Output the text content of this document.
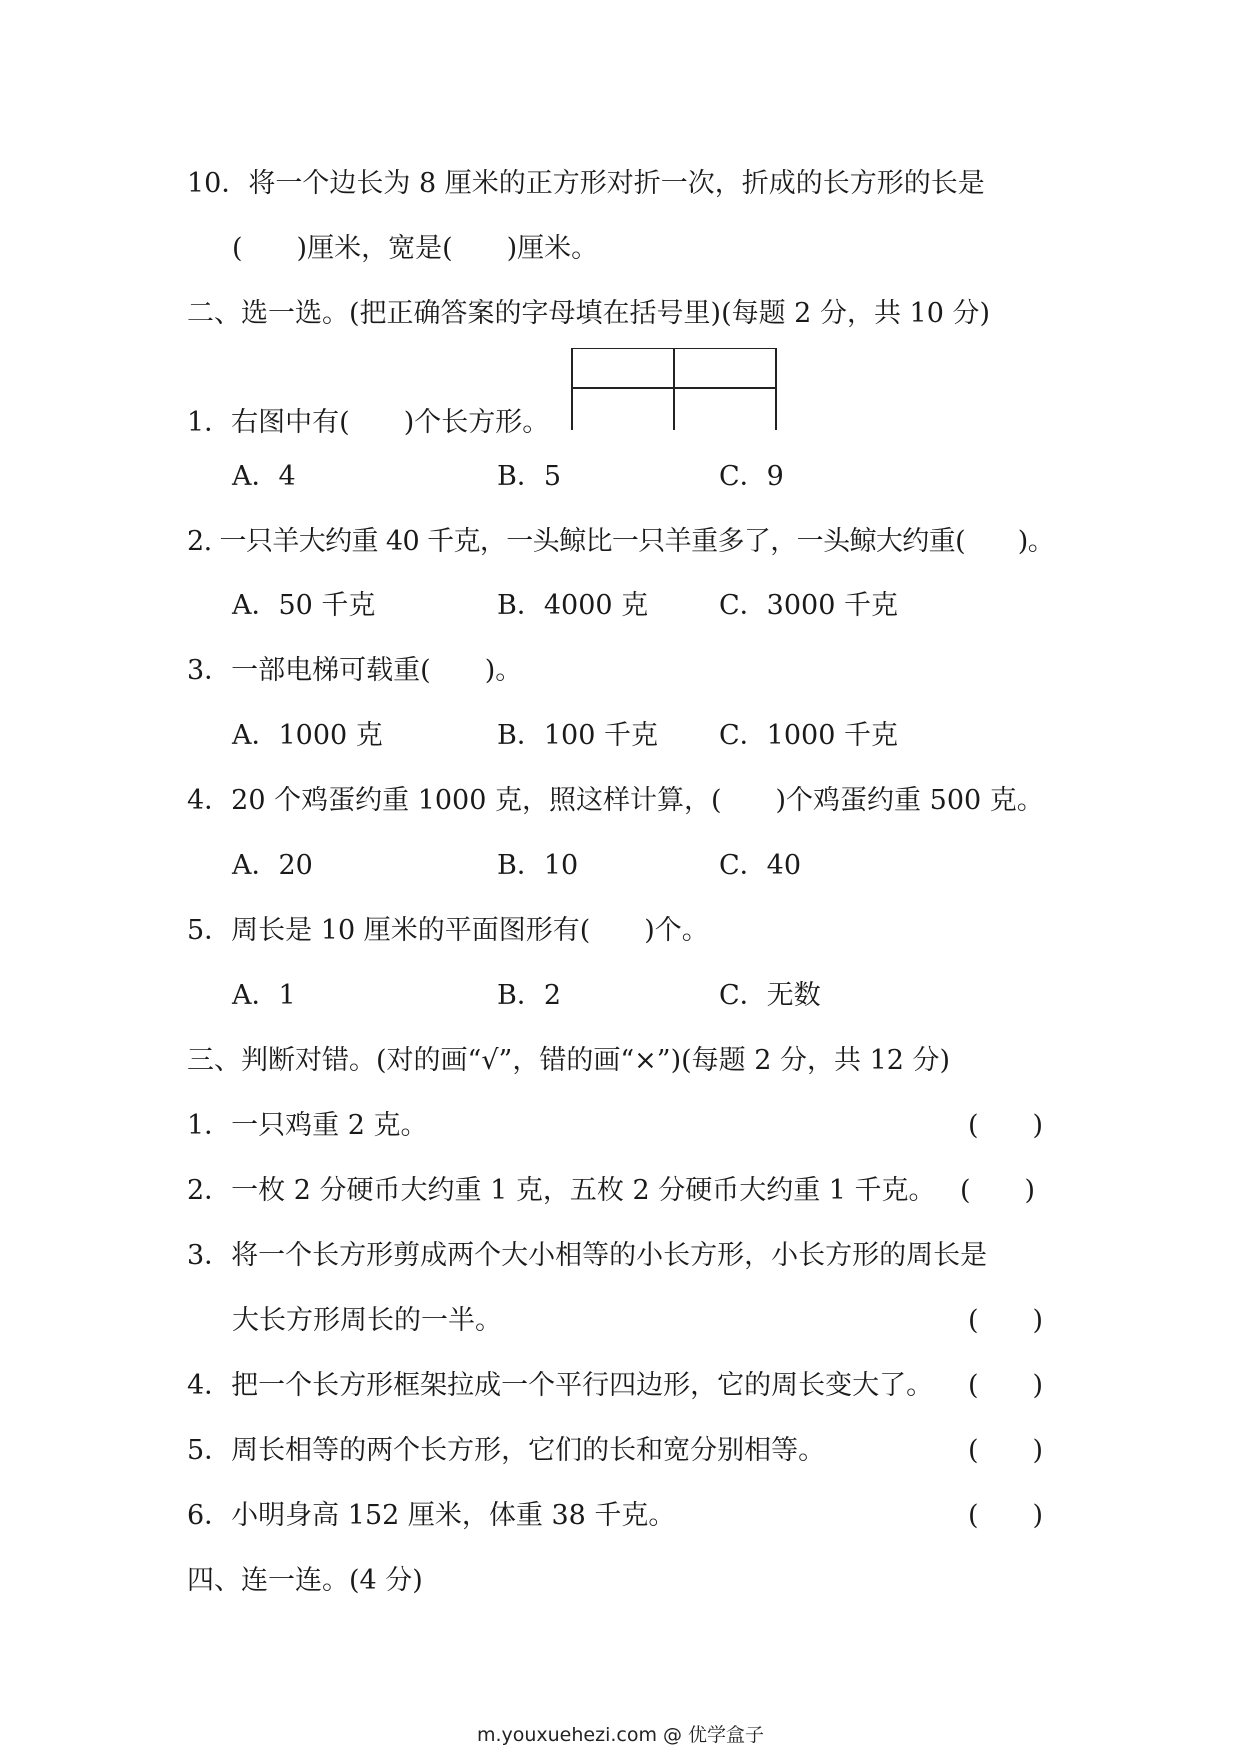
10．将一个边长为 8 厘米的正方形对折一次，折成的长方形的长是
(　　)厘米，宽是(　　)厘米。
二、选一选。(把正确答案的字母填在括号里)(每题 2 分，共 10 分)
1．右图中有(　　)个长方形。
A．4	B．5	C．9
2. 一只羊大约重 40 千克，一头鲸比一只羊重多了，一头鲸大约重(　　)。
A．50 千克	B．4000 克	C．3000 千克
3．一部电梯可载重(　　)。
A．1000 克	B．100 千克 C．1000 千克
4．20 个鸡蛋约重 1000 克，照这样计算，(　　)个鸡蛋约重 500 克。
A．20	B．10	C．40
5．周长是 10 厘米的平面图形有(　　)个。
A．1	B．2	C．无数
三、判断对错。(对的画“√”，错的画“×”)(每题 2 分，共 12 分)
1．一只鸡重 2 克。	(　　)
2．一枚 2 分硬币大约重 1 克，五枚 2 分硬币大约重 1 千克。 (　　)
3．将一个长方形剪成两个大小相等的小长方形，小长方形的周长是
大长方形周长的一半。	(　　)
4．把一个长方形框架拉成一个平行四边形，它的周长变大了。 (　　)
5．周长相等的两个长方形，它们的长和宽分别相等。	(　　)
6．小明身高 152 厘米，体重 38 千克。	(　　)
四、连一连。(4 分)
m.youxuehezi.com @ 优学盒子
